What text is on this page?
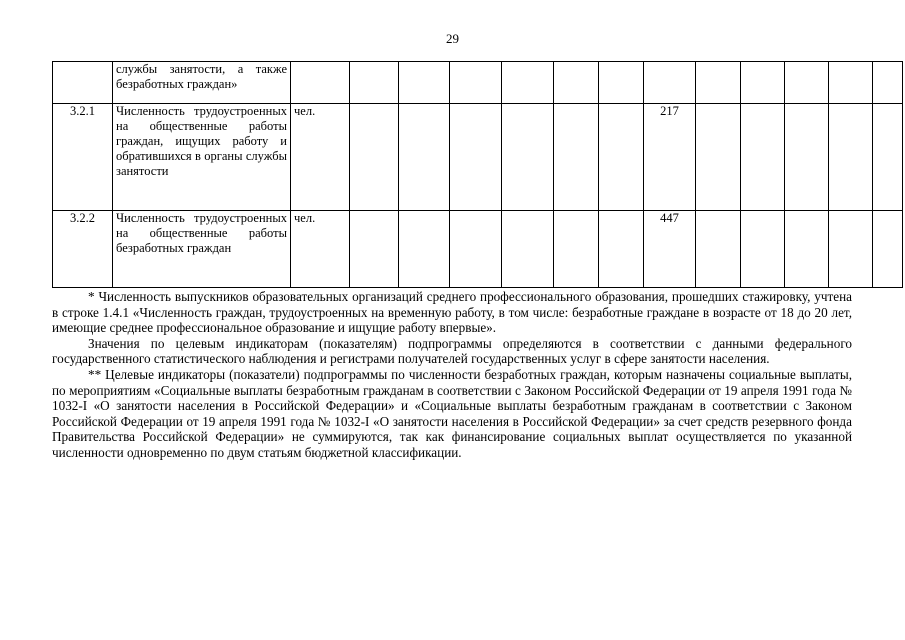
29
	службы занятости, а также безработных граждан»													
3.2.1	Численность трудоустроенных на общественные работы граждан, ищущих работу и обратившихся в органы службы занятости	чел.							217					
3.2.2	Численность трудоустроенных на общественные работы безработных граждан	чел.							447					

* Численность выпускников образовательных организаций среднего профессионального образования, прошедших стажировку, учтена в строке 1.4.1 «Численность граждан, трудоустроенных на временную работу, в том числе: безработные граждане в возрасте от 18 до 20 лет, имеющие среднее профессиональное образование и ищущие работу впервые».

Значения по целевым индикаторам (показателям) подпрограммы определяются в соответствии с данными федерального государственного статистического наблюдения и регистрами получателей государственных услуг в сфере занятости населения.

** Целевые индикаторы (показатели) подпрограммы по численности безработных граждан, которым назначены социальные выплаты, по мероприятиям «Социальные выплаты безработным гражданам в соответствии с Законом Российской Федерации от 19 апреля 1991 года № 1032-I «О занятости населения в Российской Федерации» и «Социальные выплаты безработным гражданам в соответствии с Законом Российской Федерации от 19 апреля 1991 года № 1032-I «О занятости населения в Российской Федерации» за счет средств резервного фонда Правительства Российской Федерации» не суммируются, так как финансирование социальных выплат осуществляется по указанной численности одновременно по двум статьям бюджетной классификации.
